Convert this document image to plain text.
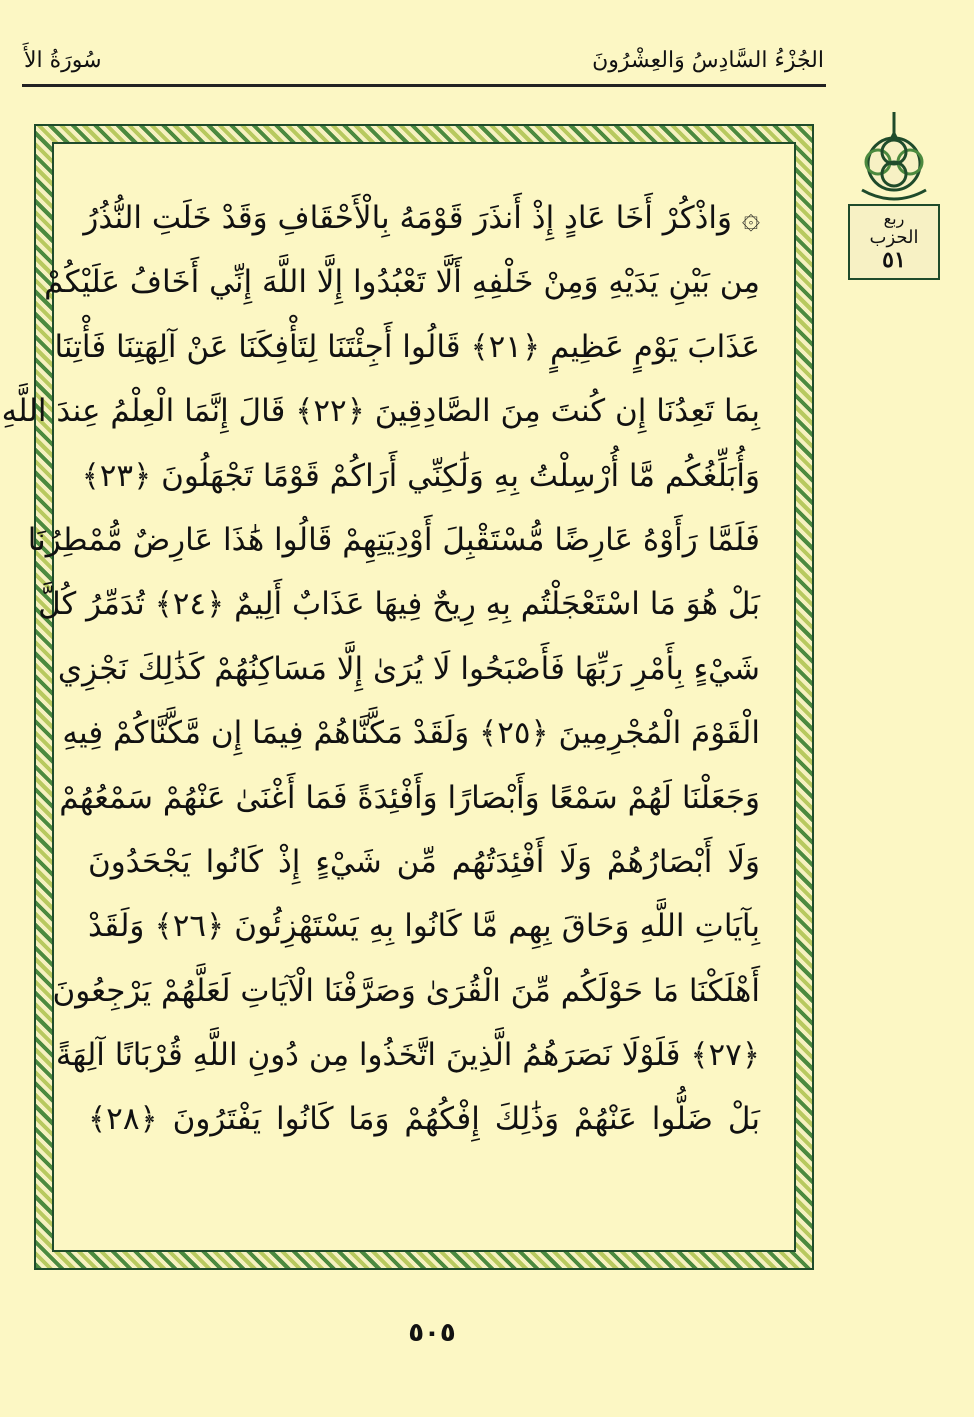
سُورَةُ الأَ	الجُزْءُ السَّادِسُ وَالعِشْرُونَ
ربع
الحزب
٥١
۞ وَاذْكُرْ أَخَا عَادٍ إِذْ أَنذَرَ قَوْمَهُ بِالْأَحْقَافِ وَقَدْ خَلَتِ النُّذُرُ
مِن بَيْنِ يَدَيْهِ وَمِنْ خَلْفِهِ أَلَّا تَعْبُدُوا إِلَّا اللَّهَ إِنِّي أَخَافُ عَلَيْكُمْ
عَذَابَ يَوْمٍ عَظِيمٍ ﴿٢١﴾ قَالُوا أَجِئْتَنَا لِتَأْفِكَنَا عَنْ آلِهَتِنَا فَأْتِنَا
بِمَا تَعِدُنَا إِن كُنتَ مِنَ الصَّادِقِينَ ﴿٢٢﴾ قَالَ إِنَّمَا الْعِلْمُ عِندَ اللَّهِ
وَأُبَلِّغُكُم مَّا أُرْسِلْتُ بِهِ وَلَٰكِنِّي أَرَاكُمْ قَوْمًا تَجْهَلُونَ ﴿٢٣﴾
فَلَمَّا رَأَوْهُ عَارِضًا مُّسْتَقْبِلَ أَوْدِيَتِهِمْ قَالُوا هَٰذَا عَارِضٌ مُّمْطِرُنَا
بَلْ هُوَ مَا اسْتَعْجَلْتُم بِهِ رِيحٌ فِيهَا عَذَابٌ أَلِيمٌ ﴿٢٤﴾ تُدَمِّرُ كُلَّ
شَيْءٍ بِأَمْرِ رَبِّهَا فَأَصْبَحُوا لَا يُرَىٰ إِلَّا مَسَاكِنُهُمْ كَذَٰلِكَ نَجْزِي
الْقَوْمَ الْمُجْرِمِينَ ﴿٢٥﴾ وَلَقَدْ مَكَّنَّاهُمْ فِيمَا إِن مَّكَّنَّاكُمْ فِيهِ
وَجَعَلْنَا لَهُمْ سَمْعًا وَأَبْصَارًا وَأَفْئِدَةً فَمَا أَغْنَىٰ عَنْهُمْ سَمْعُهُمْ
وَلَا أَبْصَارُهُمْ وَلَا أَفْئِدَتُهُم مِّن شَيْءٍ إِذْ كَانُوا يَجْحَدُونَ
بِآيَاتِ اللَّهِ وَحَاقَ بِهِم مَّا كَانُوا بِهِ يَسْتَهْزِئُونَ ﴿٢٦﴾ وَلَقَدْ
أَهْلَكْنَا مَا حَوْلَكُم مِّنَ الْقُرَىٰ وَصَرَّفْنَا الْآيَاتِ لَعَلَّهُمْ يَرْجِعُونَ
﴿٢٧﴾ فَلَوْلَا نَصَرَهُمُ الَّذِينَ اتَّخَذُوا مِن دُونِ اللَّهِ قُرْبَانًا آلِهَةً
بَلْ ضَلُّوا عَنْهُمْ وَذَٰلِكَ إِفْكُهُمْ وَمَا كَانُوا يَفْتَرُونَ ﴿٢٨﴾
٥٠٥
